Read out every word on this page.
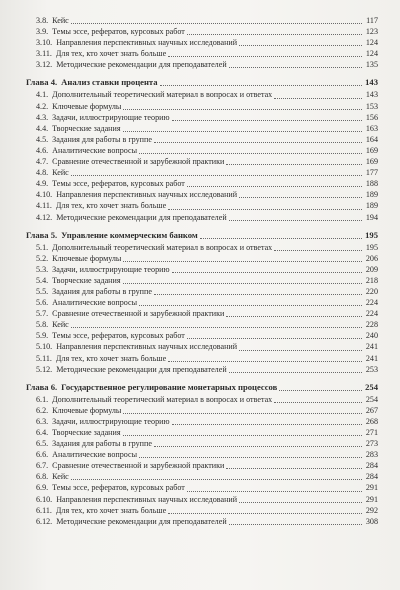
3.8. Кейс	117
3.9. Темы эссе, рефератов, курсовых работ	123
3.10. Направления перспективных научных исследований	124
3.11. Для тех, кто хочет знать больше	124
3.12. Методические рекомендации для преподавателей	135
Глава 4. Анализ ставки процента	143
4.1. Дополнительный теоретический материал в вопросах и ответах	143
4.2. Ключевые формулы	153
4.3. Задачи, иллюстрирующие теорию	156
4.4. Творческие задания	163
4.5. Задания для работы в группе	164
4.6. Аналитические вопросы	169
4.7. Сравнение отечественной и зарубежной практики	169
4.8. Кейс	177
4.9. Темы эссе, рефератов, курсовых работ	188
4.10. Направления перспективных научных исследований	189
4.11. Для тех, кто хочет знать больше	189
4.12. Методические рекомендации для преподавателей	194
Глава 5. Управление коммерческим банком	195
5.1. Дополнительный теоретический материал в вопросах и ответах	195
5.2. Ключевые формулы	206
5.3. Задачи, иллюстрирующие теорию	209
5.4. Творческие задания	218
5.5. Задания для работы в группе	220
5.6. Аналитические вопросы	224
5.7. Сравнение отечественной и зарубежной практики	224
5.8. Кейс	228
5.9. Темы эссе, рефератов, курсовых работ	240
5.10. Направления перспективных научных исследований	241
5.11. Для тех, кто хочет знать больше	241
5.12. Методические рекомендации для преподавателей	253
Глава 6. Государственное регулирование монетарных процессов	254
6.1. Дополнительный теоретический материал в вопросах и ответах	254
6.2. Ключевые формулы	267
6.3. Задачи, иллюстрирующие теорию	268
6.4. Творческие задания	271
6.5. Задания для работы в группе	273
6.6. Аналитические вопросы	283
6.7. Сравнение отечественной и зарубежной практики	284
6.8. Кейс	284
6.9. Темы эссе, рефератов, курсовых работ	291
6.10. Направления перспективных научных исследований	291
6.11. Для тех, кто хочет знать больше	292
6.12. Методические рекомендации для преподавателей	308
